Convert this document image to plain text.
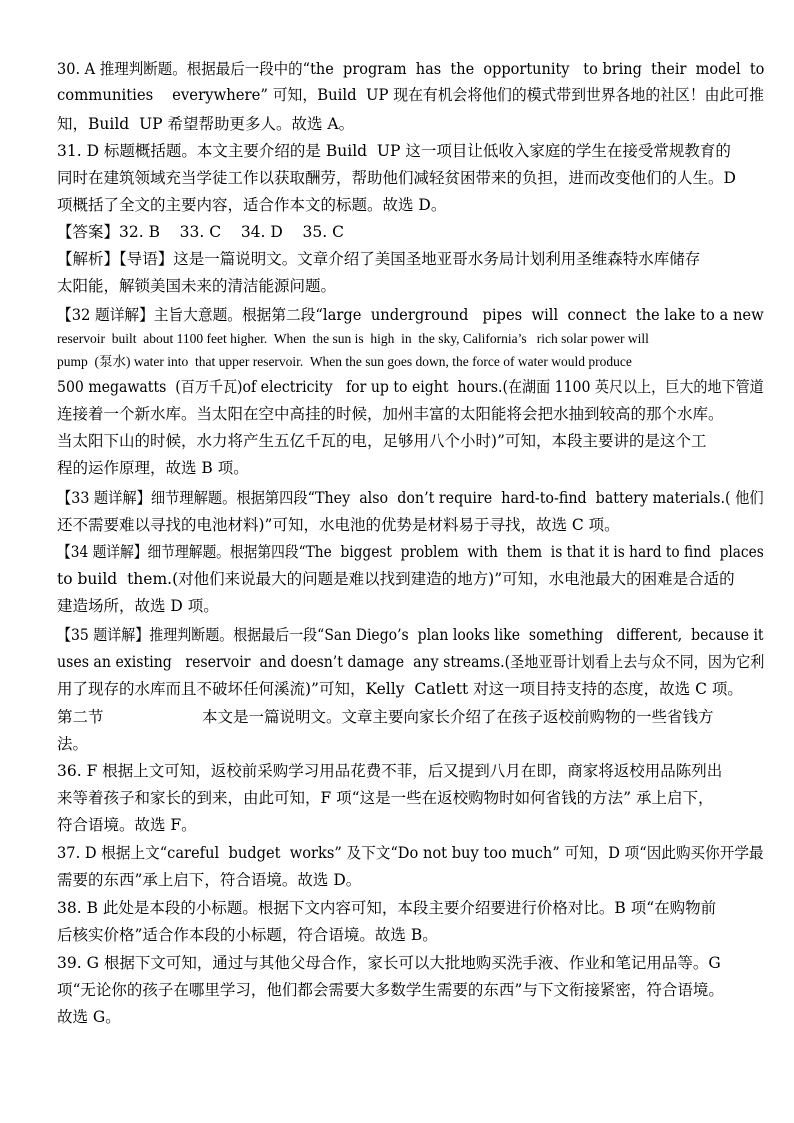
30. A 推理判断题。根据最后一段中的“the  program  has  the  opportunity   to bring  their  model  to
communities    everywhere” 可知，Build  UP 现在有机会将他们的模式带到世界各地的社区！由此可推
知，Build  UP 希望帮助更多人。故选 A。
31. D 标题概括题。本文主要介绍的是 Build  UP 这一项目让低收入家庭的学生在接受常规教育的
同时在建筑领域充当学徒工作以获取酬劳，帮助他们减轻贫困带来的负担，进而改变他们的人生。D
项概括了全文的主要内容，适合作本文的标题。故选 D。
【答案】32. B    33. C    34. D    35. C
【解析】【导语】这是一篇说明文。文章介绍了美国圣地亚哥水务局计划利用圣维森特水库储存
太阳能，解锁美国未来的清洁能源问题。
【32 题详解】主旨大意题。根据第二段“large  underground   pipes  will  connect  the lake to a new
reservoir  built  about 1100 feet higher.  When  the sun is  high  in  the sky, California’s   rich solar power will
pump  (泵水) water into  that upper reservoir.  When the sun goes down, the force of water would produce
500 megawatts  (百万千瓦)of electricity   for up to eight  hours.(在湖面 1100 英尺以上，巨大的地下管道
连接着一个新水库。当太阳在空中高挂的时候，加州丰富的太阳能将会把水抽到较高的那个水库。
当太阳下山的时候，水力将产生五亿千瓦的电，足够用八个小时)”可知，本段主要讲的是这个工
程的运作原理，故选 B 项。
【33 题详解】细节理解题。根据第四段“They  also  don’t require  hard-to-find  battery materials.( 他们
还不需要难以寻找的电池材料)”可知，水电池的优势是材料易于寻找，故选 C 项。
【34 题详解】细节理解题。根据第四段“The  biggest  problem  with  them  is that it is hard to find  places
to build  them.(对他们来说最大的问题是难以找到建造的地方)”可知，水电池最大的困难是合适的
建造场所，故选 D 项。
【35 题详解】推理判断题。根据最后一段“San Diego’s  plan looks like  something   different,  because it
uses an existing   reservoir  and doesn’t damage  any streams.(圣地亚哥计划看上去与众不同，因为它利
用了现存的水库而且不破坏任何溪流)”可知，Kelly  Catlett 对这一项目持支持的态度，故选 C 项。
第二节                    本文是一篇说明文。文章主要向家长介绍了在孩子返校前购物的一些省钱方
法。
36. F 根据上文可知，返校前采购学习用品花费不菲，后又提到八月在即，商家将返校用品陈列出
来等着孩子和家长的到来，由此可知，F 项“这是一些在返校购物时如何省钱的方法” 承上启下，
符合语境。故选 F。
37. D 根据上文“careful  budget  works” 及下文“Do not buy too much” 可知，D 项“因此购买你开学最
需要的东西”承上启下，符合语境。故选 D。
38. B 此处是本段的小标题。根据下文内容可知，本段主要介绍要进行价格对比。B 项“在购物前
后核实价格”适合作本段的小标题，符合语境。故选 B。
39. G 根据下文可知，通过与其他父母合作，家长可以大批地购买洗手液、作业和笔记用品等。G
项“无论你的孩子在哪里学习，他们都会需要大多数学生需要的东西”与下文衔接紧密，符合语境。
故选 G。
